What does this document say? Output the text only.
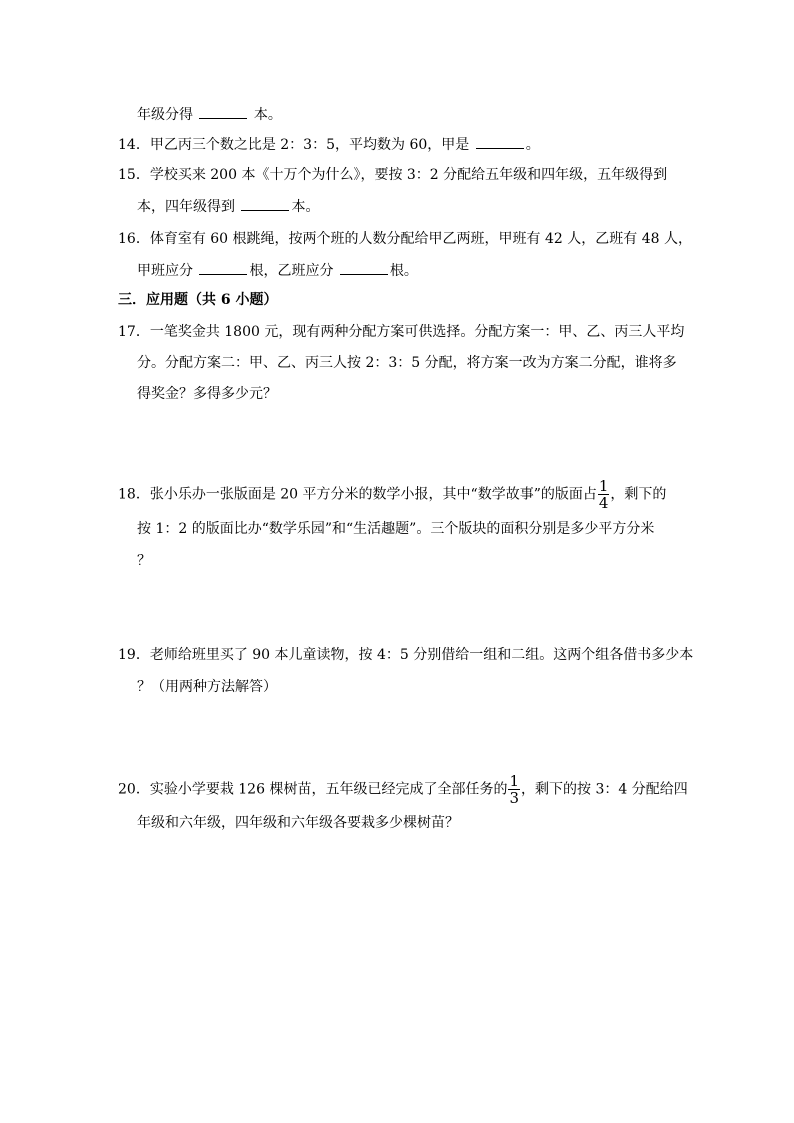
年级分得	本。
14．甲乙丙三个数之比是 2：3：5，平均数为 60，甲是	。
15．学校买来 200 本《十万个为什么》，要按 3：2 分配给五年级和四年级，五年级得到
本，四年级得到	本。
16．体育室有 60 根跳绳，按两个班的人数分配给甲乙两班，甲班有 42 人，乙班有 48 人，
甲班应分	根，乙班应分	根。
三．应用题（共 6 小题）
17．一笔奖金共 1800 元，现有两种分配方案可供选择。分配方案一：甲、乙、丙三人平均
分。分配方案二：甲、乙、丙三人按 2：3：5 分配，将方案一改为方案二分配，谁将多
得奖金？多得多少元？
18．张小乐办一张版面是 20 平方分米的数学小报，其中“数学故事”的版面占 $\frac{1}{4}$ ，剩下的
按 1：2 的版面比办“数学乐园”和“生活趣题”。三个版块的面积分别是多少平方分米
？
19．老师给班里买了 90 本儿童读物，按 4：5 分别借给一组和二组。这两个组各借书多少本
？（用两种方法解答）
20．实验小学要栽 126 棵树苗，五年级已经完成了全部任务的 $\frac{1}{3}$ ，剩下的按 3：4 分配给四
年级和六年级，四年级和六年级各要栽多少棵树苗？
